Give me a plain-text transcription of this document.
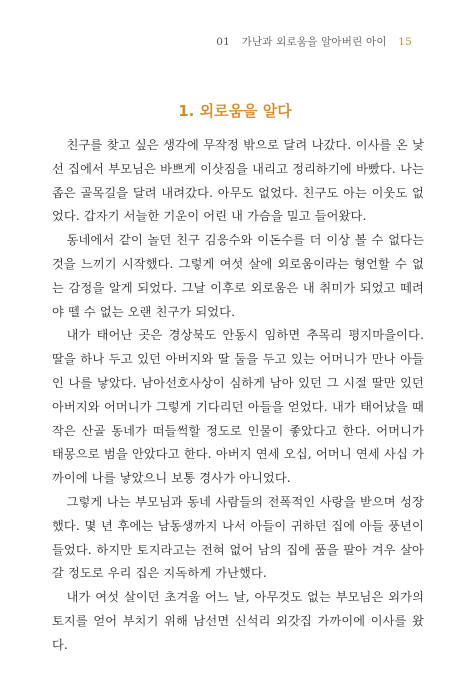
01 가난과 외로움을 알아버린 아이 15
1. 외로움을 알다

친구를 찾고 싶은 생각에 무작정 밖으로 달려 나갔다. 이사를 온 낯선 집에서 부모님은 바쁘게 이삿짐을 내리고 정리하기에 바빴다. 나는 좁은 골목길을 달려 내려갔다. 아무도 없었다. 친구도 아는 이웃도 없었다. 갑자기 서늘한 기운이 어린 내 가슴을 밀고 들어왔다.

동네에서 같이 놀던 친구 김응수와 이돈수를 더 이상 볼 수 없다는 것을 느끼기 시작했다. 그렇게 여섯 살에 외로움이라는 형언할 수 없는 감정을 알게 되었다. 그날 이후로 외로움은 내 취미가 되었고 떼려야 뗄 수 없는 오랜 친구가 되었다.

내가 태어난 곳은 경상북도 안동시 임하면 추목리 평지마을이다. 딸을 하나 두고 있던 아버지와 딸 둘을 두고 있는 어머니가 만나 아들인 나를 낳았다. 남아선호사상이 심하게 남아 있던 그 시절 딸만 있던 아버지와 어머니가 그렇게 기다리던 아들을 얻었다. 내가 태어났을 때 작은 산골 동네가 떠들썩할 정도로 인물이 좋았다고 한다. 어머니가 태몽으로 범을 안았다고 한다. 아버지 연세 오십, 어머니 연세 사십 가까이에 나를 낳았으니 보통 경사가 아니었다.

그렇게 나는 부모님과 동네 사람들의 전폭적인 사랑을 받으며 성장했다. 몇 년 후에는 남동생까지 나서 아들이 귀하던 집에 아들 풍년이 들었다. 하지만 토지라고는 전혀 없어 남의 집에 품을 팔아 겨우 살아갈 정도로 우리 집은 지독하게 가난했다.

내가 여섯 살이던 초겨울 어느 날, 아무것도 없는 부모님은 외가의 토지를 얻어 부치기 위해 남선면 신석리 외갓집 가까이에 이사를 왔다.
